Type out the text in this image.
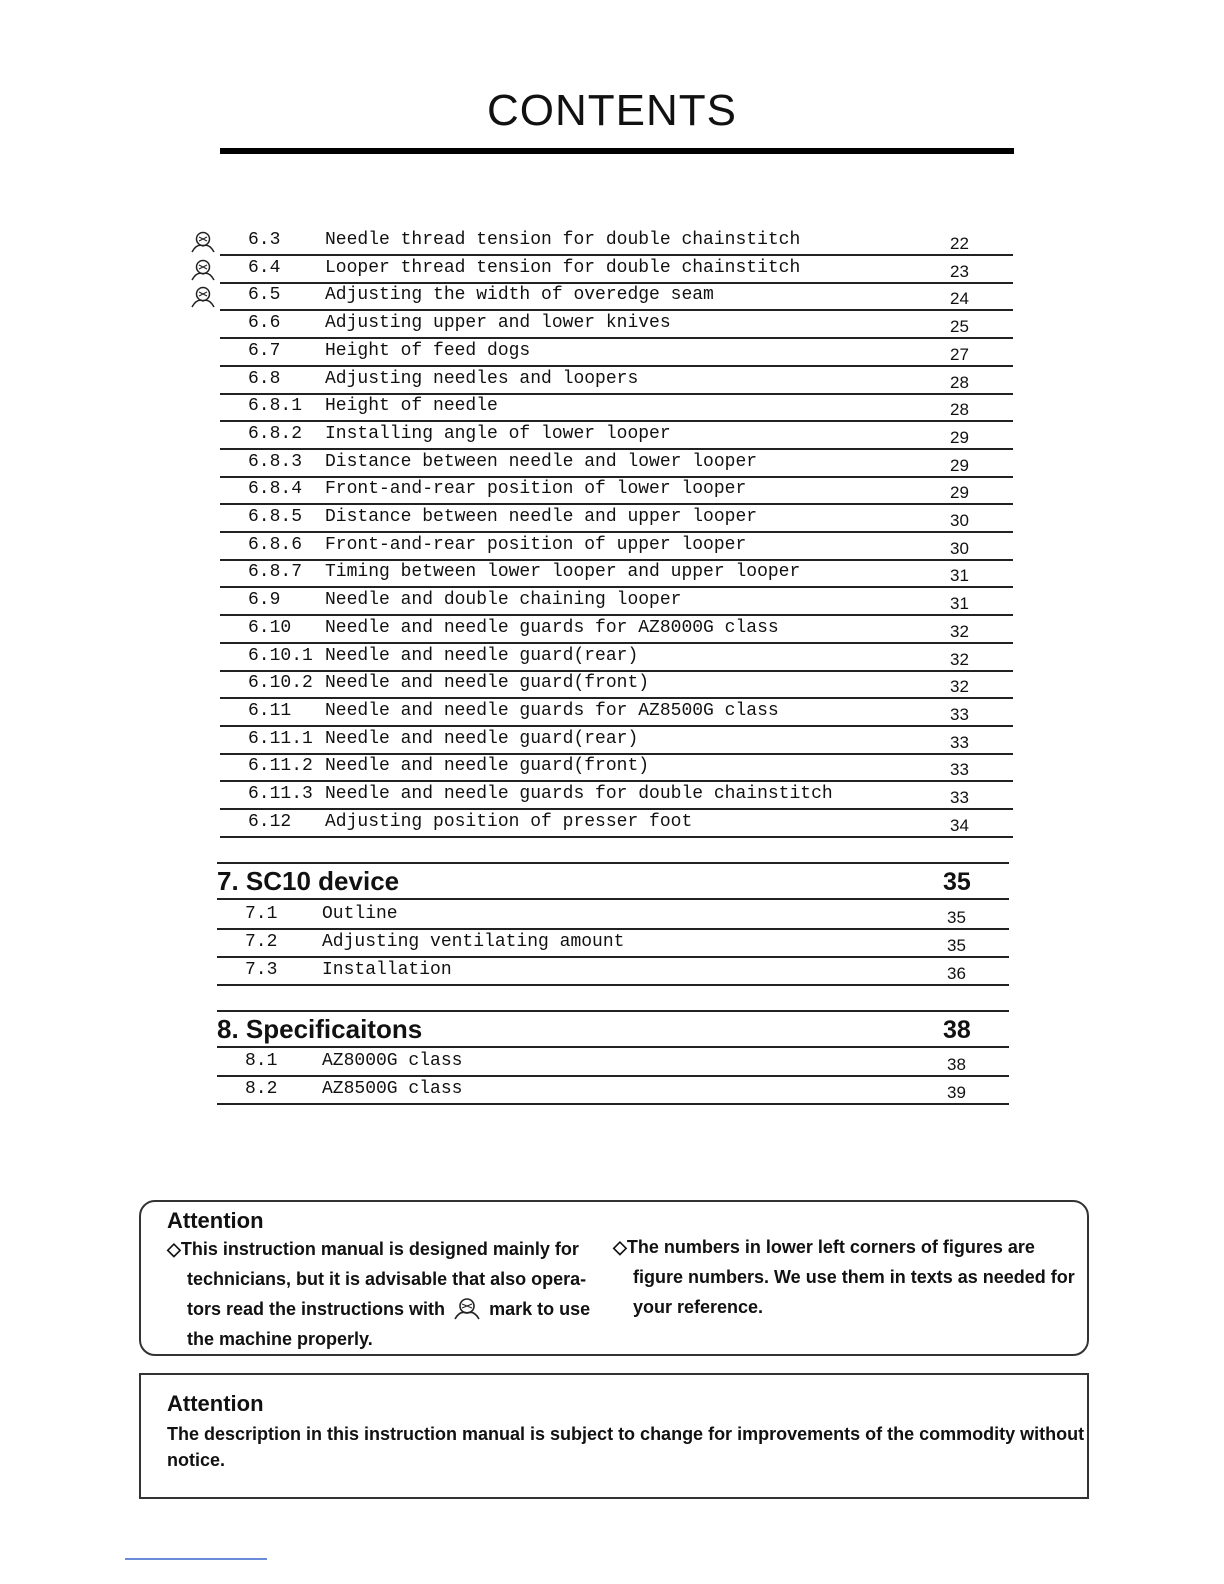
CONTENTS
6.3 Needle thread tension for double chainstitch	22
6.4 Looper thread tension for double chainstitch	23
6.5 Adjusting the width of overedge seam	24
6.6 Adjusting upper and lower knives	25
6.7 Height of feed dogs	27
6.8 Adjusting needles and loopers	28
6.8.1 Height of needle	28
6.8.2 Installing angle of lower looper	29
6.8.3 Distance between needle and lower looper	29
6.8.4 Front-and-rear position of lower looper	29
6.8.5 Distance between needle and upper looper	30
6.8.6 Front-and-rear position of upper looper	30
6.8.7 Timing between lower looper and upper looper	31
6.9 Needle and double chaining looper	31
6.10 Needle and needle guards for AZ8000G class	32
6.10.1 Needle and needle guard(rear)	32
6.10.2 Needle and needle guard(front)	32
6.11 Needle and needle guards for AZ8500G class	33
6.11.1 Needle and needle guard(rear)	33
6.11.2 Needle and needle guard(front)	33
6.11.3 Needle and needle guards for double chainstitch	33
6.12 Adjusting position of presser foot	34
7. SC10 device	35
7.1 Outline	35
7.2 Adjusting ventilating amount	35
7.3 Installation	36
8. Specificaitons	38
8.1 AZ8000G class	38
8.2 AZ8500G class	39
Attention
◇This instruction manual is designed mainly for
technicians, but it is advisable that also opera-
tors read the instructions with mark to use
the machine properly.
◇The numbers in lower left corners of figures are
figure numbers. We use them in texts as needed for
your reference.
Attention
The description in this instruction manual is subject to change for improvements of the commodity without
notice.
